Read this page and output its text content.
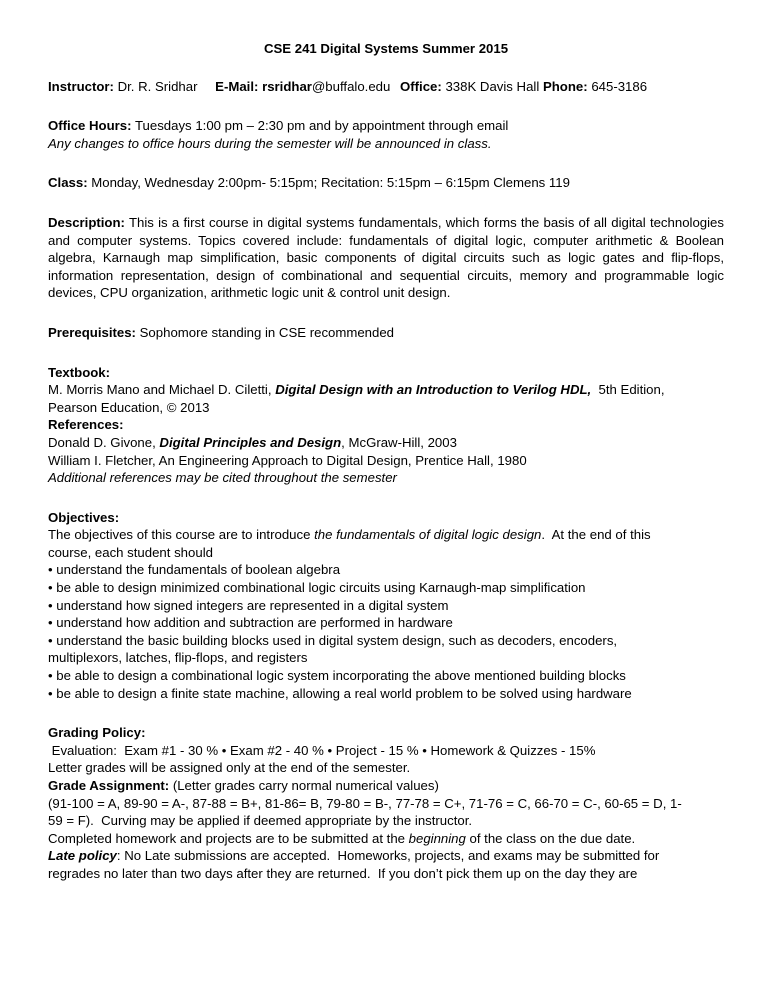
CSE 241 Digital Systems Summer 2015
Instructor: Dr. R. Sridhar E-Mail: rsridhar@buffalo.edu Office: 338K Davis Hall Phone: 645-3186
Office Hours: Tuesdays 1:00 pm – 2:30 pm and by appointment through email
Any changes to office hours during the semester will be announced in class.
Class: Monday, Wednesday 2:00pm- 5:15pm; Recitation: 5:15pm – 6:15pm Clemens 119
Description: This is a first course in digital systems fundamentals, which forms the basis of all digital technologies and computer systems. Topics covered include: fundamentals of digital logic, computer arithmetic & Boolean algebra, Karnaugh map simplification, basic components of digital circuits such as logic gates and flip-flops, information representation, design of combinational and sequential circuits, memory and programmable logic devices, CPU organization, arithmetic logic unit & control unit design.
Prerequisites: Sophomore standing in CSE recommended
Textbook:
M. Morris Mano and Michael D. Ciletti, Digital Design with an Introduction to Verilog HDL,  5th Edition,
Pearson Education, © 2013
References:
Donald D. Givone, Digital Principles and Design, McGraw-Hill, 2003
William I. Fletcher, An Engineering Approach to Digital Design, Prentice Hall, 1980
Additional references may be cited throughout the semester
Objectives:
The objectives of this course are to introduce the fundamentals of digital logic design.  At the end of this
course, each student should
• understand the fundamentals of boolean algebra
• be able to design minimized combinational logic circuits using Karnaugh-map simplification
• understand how signed integers are represented in a digital system
• understand how addition and subtraction are performed in hardware
• understand the basic building blocks used in digital system design, such as decoders, encoders,
multiplexors, latches, flip-flops, and registers
• be able to design a combinational logic system incorporating the above mentioned building blocks
• be able to design a finite state machine, allowing a real world problem to be solved using hardware
Grading Policy:
Evaluation:  Exam #1 - 30 % • Exam #2 - 40 % • Project - 15 % • Homework & Quizzes - 15%
Letter grades will be assigned only at the end of the semester.
Grade Assignment: (Letter grades carry normal numerical values)
(91-100 = A, 89-90 = A-, 87-88 = B+, 81-86= B, 79-80 = B-, 77-78 = C+, 71-76 = C, 66-70 = C-, 60-65 = D, 1-
59 = F).  Curving may be applied if deemed appropriate by the instructor.
Completed homework and projects are to be submitted at the beginning of the class on the due date.
Late policy: No Late submissions are accepted.  Homeworks, projects, and exams may be submitted for
regrades no later than two days after they are returned.  If you don’t pick them up on the day they are
